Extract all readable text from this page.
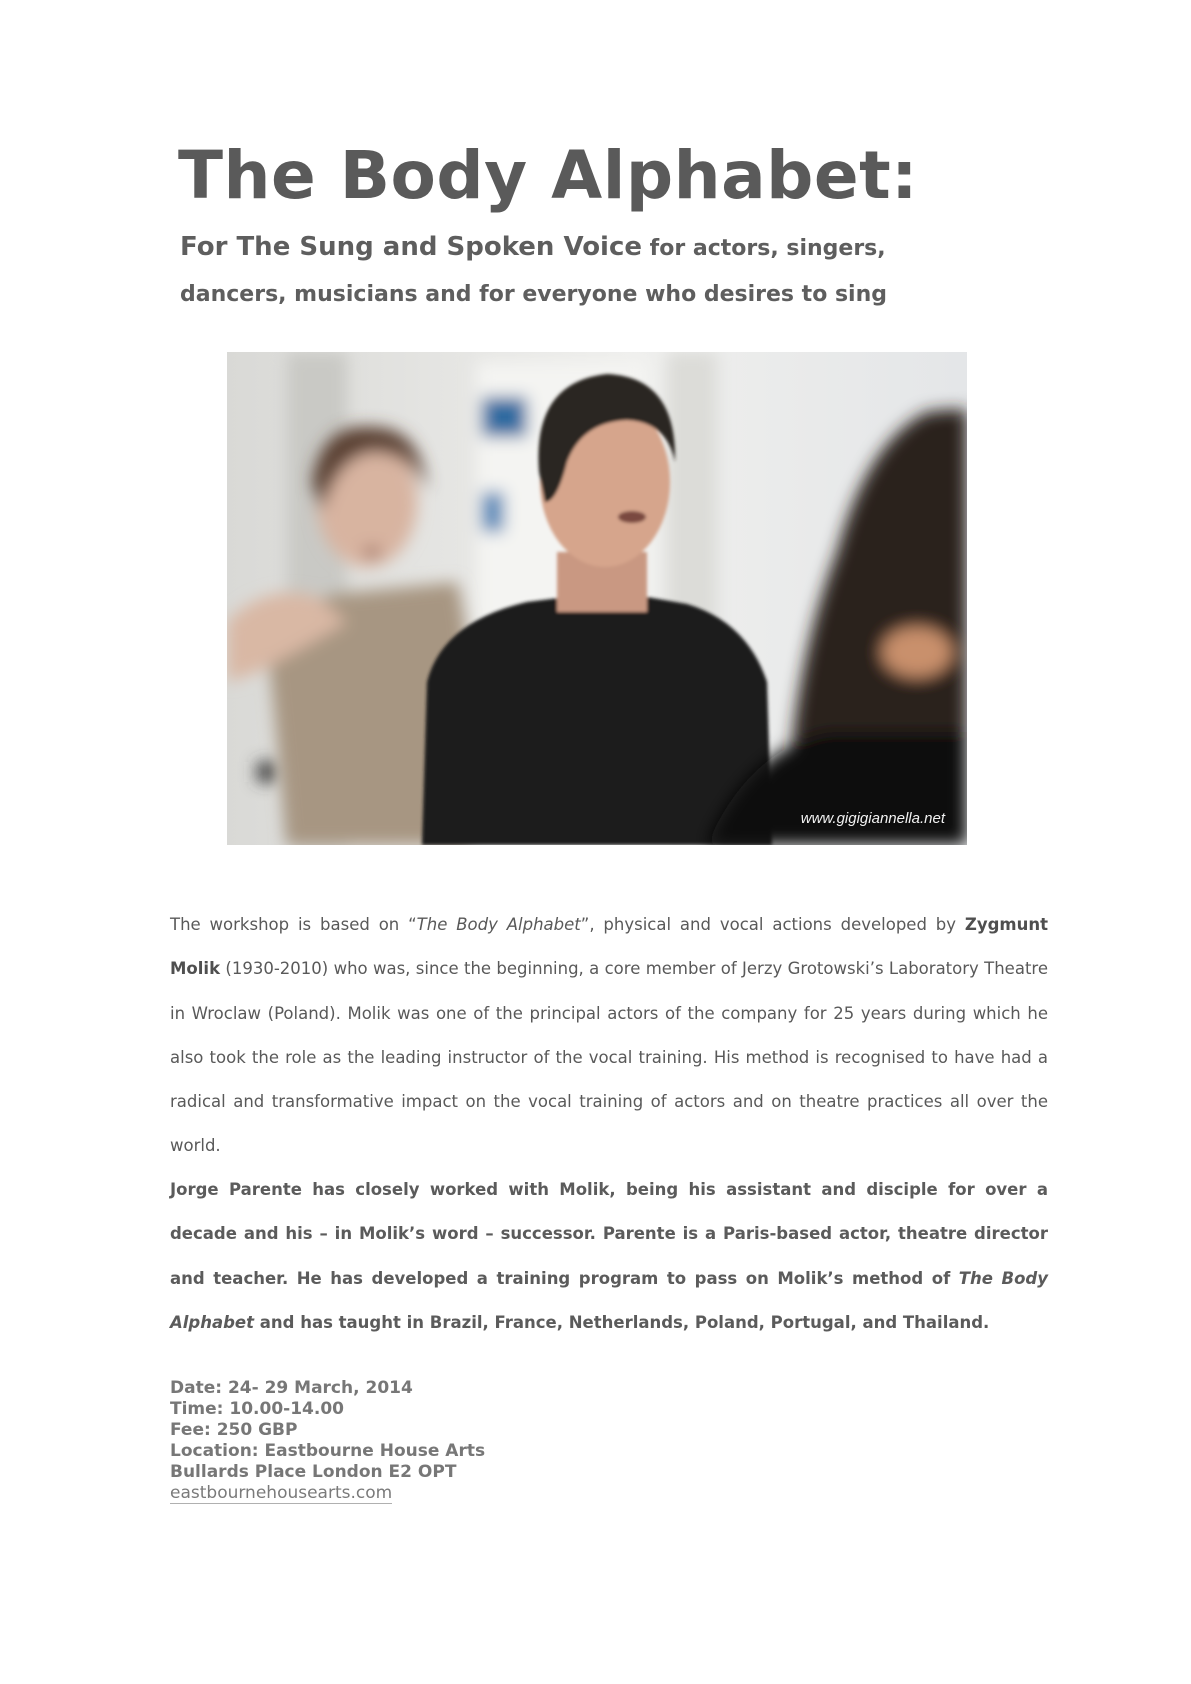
The Body Alphabet:

For The Sung and Spoken Voice for actors, singers, dancers, musicians and for everyone who desires to sing

www.gigigiannella.net

The workshop is based on “The Body Alphabet”, physical and vocal actions developed by Zygmunt Molik (1930-2010) who was, since the beginning, a core member of Jerzy Grotowski’s Laboratory Theatre in Wroclaw (Poland). Molik was one of the principal actors of the company for 25 years during which he also took the role as the leading instructor of the vocal training. His method is recognised to have had a radical and transformative impact on the vocal training of actors and on theatre practices all over the world.

Jorge Parente has closely worked with Molik, being his assistant and disciple for over a decade and his – in Molik’s word – successor. Parente is a Paris-based actor, theatre director and teacher. He has developed a training program to pass on Molik’s method of The Body Alphabet and has taught in Brazil, France, Netherlands, Poland, Portugal, and Thailand.

Date: 24- 29 March, 2014
Time: 10.00-14.00
Fee: 250 GBP
Location: Eastbourne House Arts
Bullards Place London E2 OPT
eastbournehousearts.com
